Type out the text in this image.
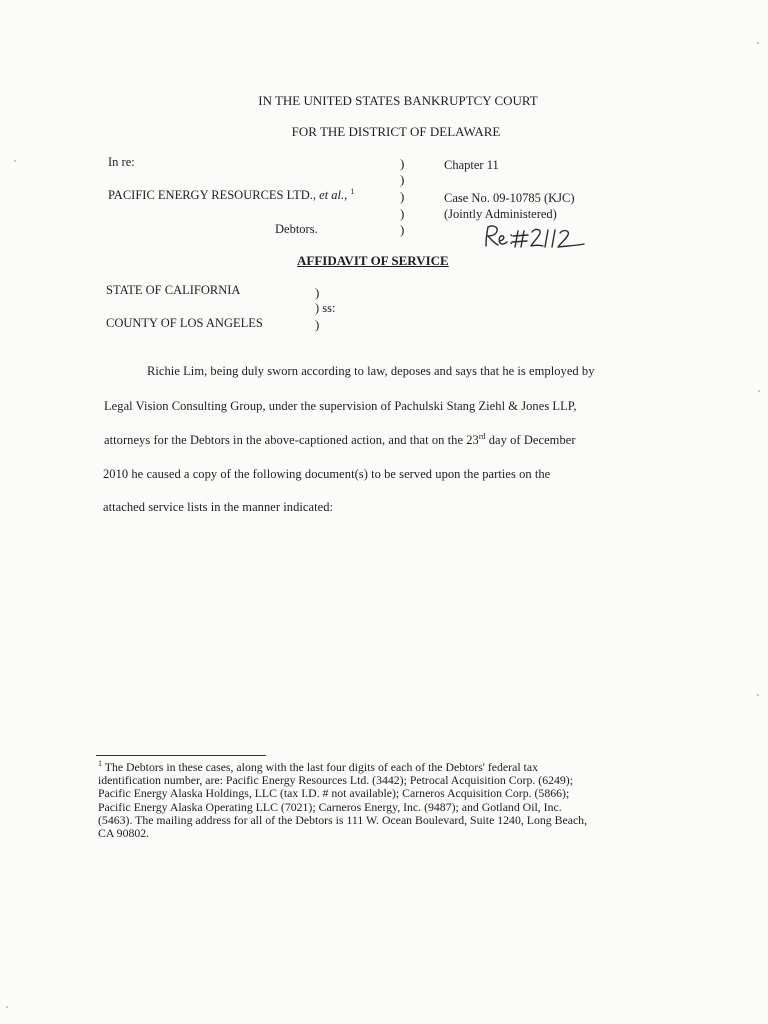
IN THE UNITED STATES BANKRUPTCY COURT
FOR THE DISTRICT OF DELAWARE
In re:
PACIFIC ENERGY RESOURCES LTD., et al., $^1$
Debtors.
)
)
)
)
)
Chapter 11
Case No. 09-10785 (KJC)
(Jointly Administered)
AFFIDAVIT OF SERVICE
STATE OF CALIFORNIA	)
) ss:
COUNTY OF LOS ANGELES	)
Richie Lim, being duly sworn according to law, deposes and says that he is employed by
Legal Vision Consulting Group, under the supervision of Pachulski Stang Ziehl & Jones LLP,
attorneys for the Debtors in the above-captioned action, and that on the 23rd day of December
2010 he caused a copy of the following document(s) to be served upon the parties on the
attached service lists in the manner indicated:
$^1$ The Debtors in these cases, along with the last four digits of each of the Debtors' federal tax
identification number, are: Pacific Energy Resources Ltd. (3442); Petrocal Acquisition Corp. (6249);
Pacific Energy Alaska Holdings, LLC (tax I.D. # not available); Carneros Acquisition Corp. (5866);
Pacific Energy Alaska Operating LLC (7021); Carneros Energy, Inc. (9487); and Gotland Oil, Inc.
(5463). The mailing address for all of the Debtors is 111 W. Ocean Boulevard, Suite 1240, Long Beach,
CA 90802.
